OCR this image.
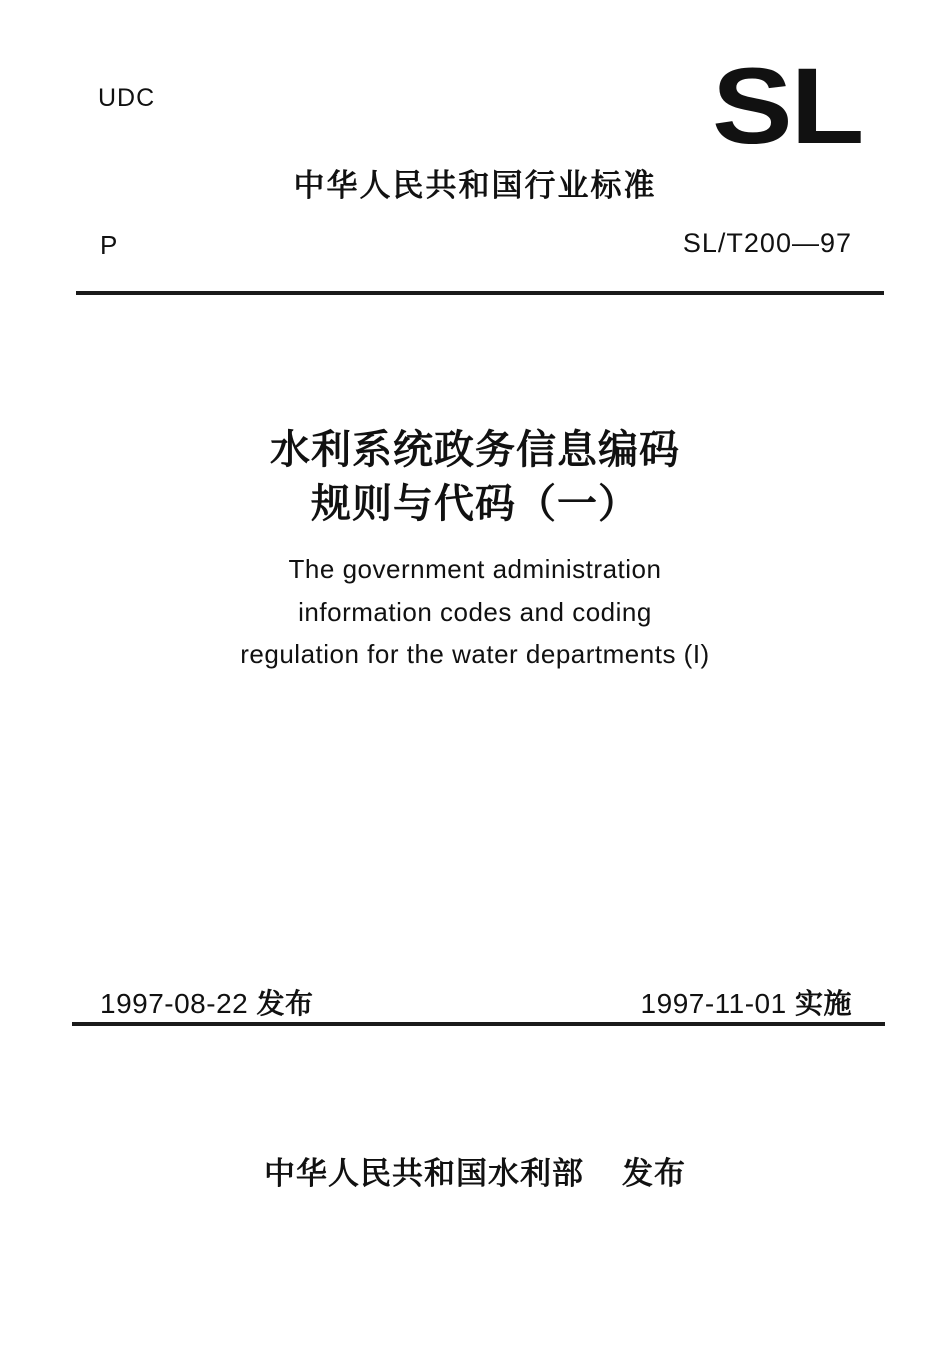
UDC	SL
中华人民共和国行业标准
P	SL/T200—97
水利系统政务信息编码
规则与代码（一）
The government administration
information codes and coding
regulation for the water departments (I)
1997-08-22 发布	1997-11-01 实施
中华人民共和国水利部 发布
